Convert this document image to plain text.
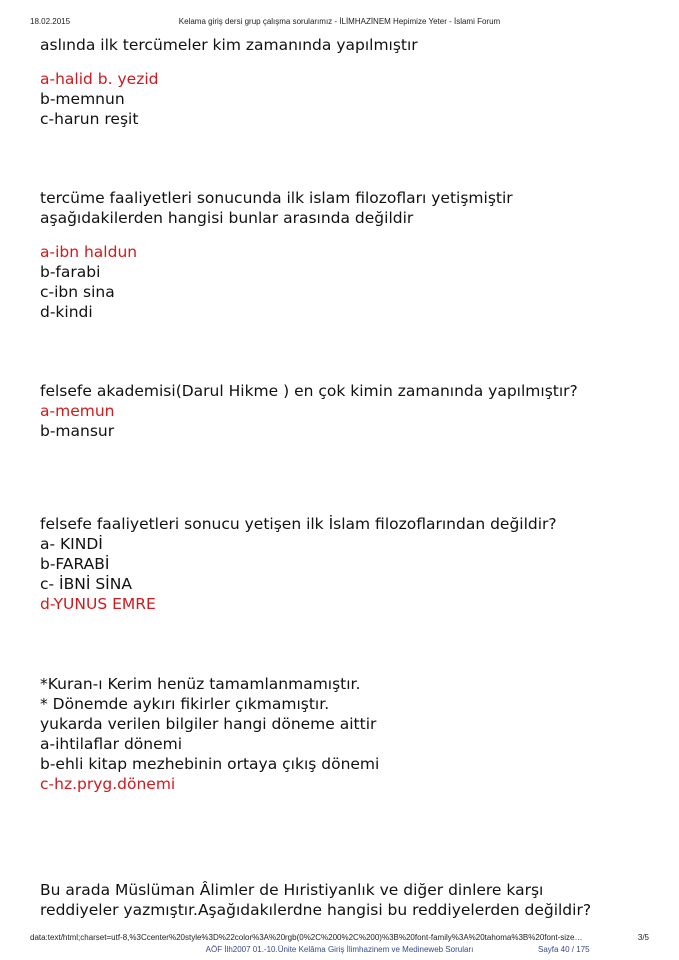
18.02.2015	Kelama giriş dersi grup çalışma sorularımız - İLİMHAZİNEM Hepimize Yeter - İslami Forum
aslında ilk tercümeler kim zamanında yapılmıştır
a-halid b. yezid
b-memnun
c-harun reşit
tercüme faaliyetleri sonucunda ilk islam filozofları yetişmiştir
aşağıdakilerden hangisi bunlar arasında değildir
a-ibn haldun
b-farabi
c-ibn sina
d-kindi
felsefe akademisi(Darul Hikme ) en çok kimin zamanında yapılmıştır?
a-memun
b-mansur
felsefe faaliyetleri sonucu yetişen ilk İslam filozoflarından değildir?
a- KINDİ
b-FARABİ
c- İBNİ SİNA
d-YUNUS EMRE
*Kuran-ı Kerim henüz tamamlanmamıştır.
* Dönemde aykırı fikirler çıkmamıştır.
yukarda verilen bilgiler hangi döneme aittir
a-ihtilaflar dönemi
b-ehli kitap mezhebinin ortaya çıkış dönemi
c-hz.pryg.dönemi
Bu arada Müslüman Âlimler de Hıristiyanlık ve diğer dinlere karşı
reddiyeler yazmıştır.Aşağıdakılerdne hangisi bu reddiyelerden değildir?
data:text/html;charset=utf-8,%3Ccenter%20style%3D%22color%3A%20rgb(0%2C%200%2C%200)%3B%20font-family%3A%20tahoma%3B%20font-size…	3/5
AÖF İlh2007 01.-10.Ünite Kelâma Giriş İlimhazinem ve Medineweb Soruları	Sayfa 40 / 175
